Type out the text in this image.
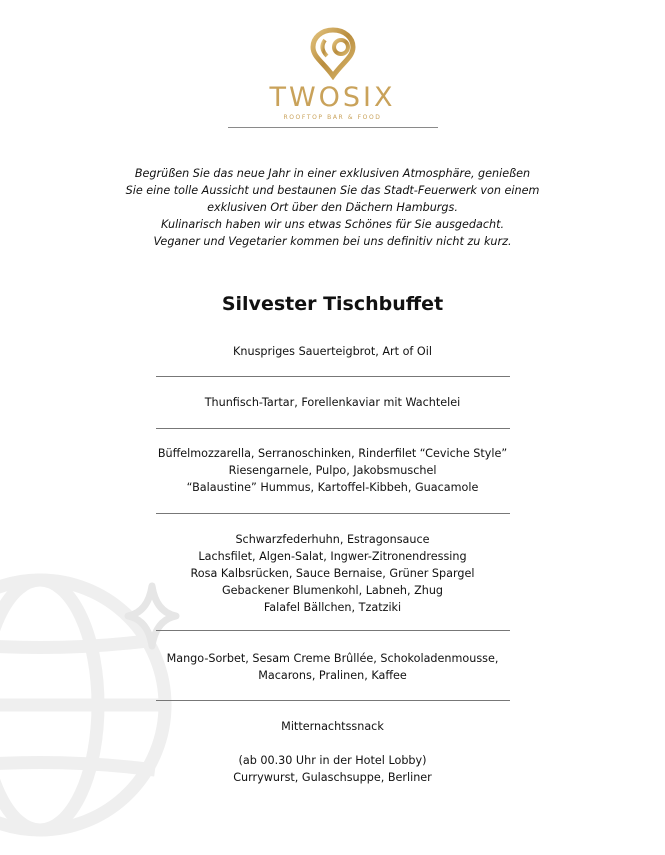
TWOSIX
ROOFTOP BAR & FOOD
Begrüßen Sie das neue Jahr in einer exklusiven Atmosphäre, genießen
Sie eine tolle Aussicht und bestaunen Sie das Stadt-Feuerwerk von einem
exklusiven Ort über den Dächern Hamburgs.
Kulinarisch haben wir uns etwas Schönes für Sie ausgedacht.
Veganer und Vegetarier kommen bei uns definitiv nicht zu kurz.
Silvester Tischbuffet
Knuspriges Sauerteigbrot, Art of Oil
Thunfisch-Tartar, Forellenkaviar mit Wachtelei
Büffelmozzarella, Serranoschinken, Rinderfilet “Ceviche Style”
Riesengarnele, Pulpo, Jakobsmuschel
“Balaustine” Hummus, Kartoffel-Kibbeh, Guacamole
Schwarzfederhuhn, Estragonsauce
Lachsfilet, Algen-Salat, Ingwer-Zitronendressing
Rosa Kalbsrücken, Sauce Bernaise, Grüner Spargel
Gebackener Blumenkohl, Labneh, Zhug
Falafel Bällchen, Tzatziki
Mango-Sorbet, Sesam Creme Brûllée, Schokoladenmousse,
Macarons, Pralinen, Kaffee
Mitternachtssnack
(ab 00.30 Uhr in der Hotel Lobby)
Currywurst, Gulaschsuppe, Berliner
